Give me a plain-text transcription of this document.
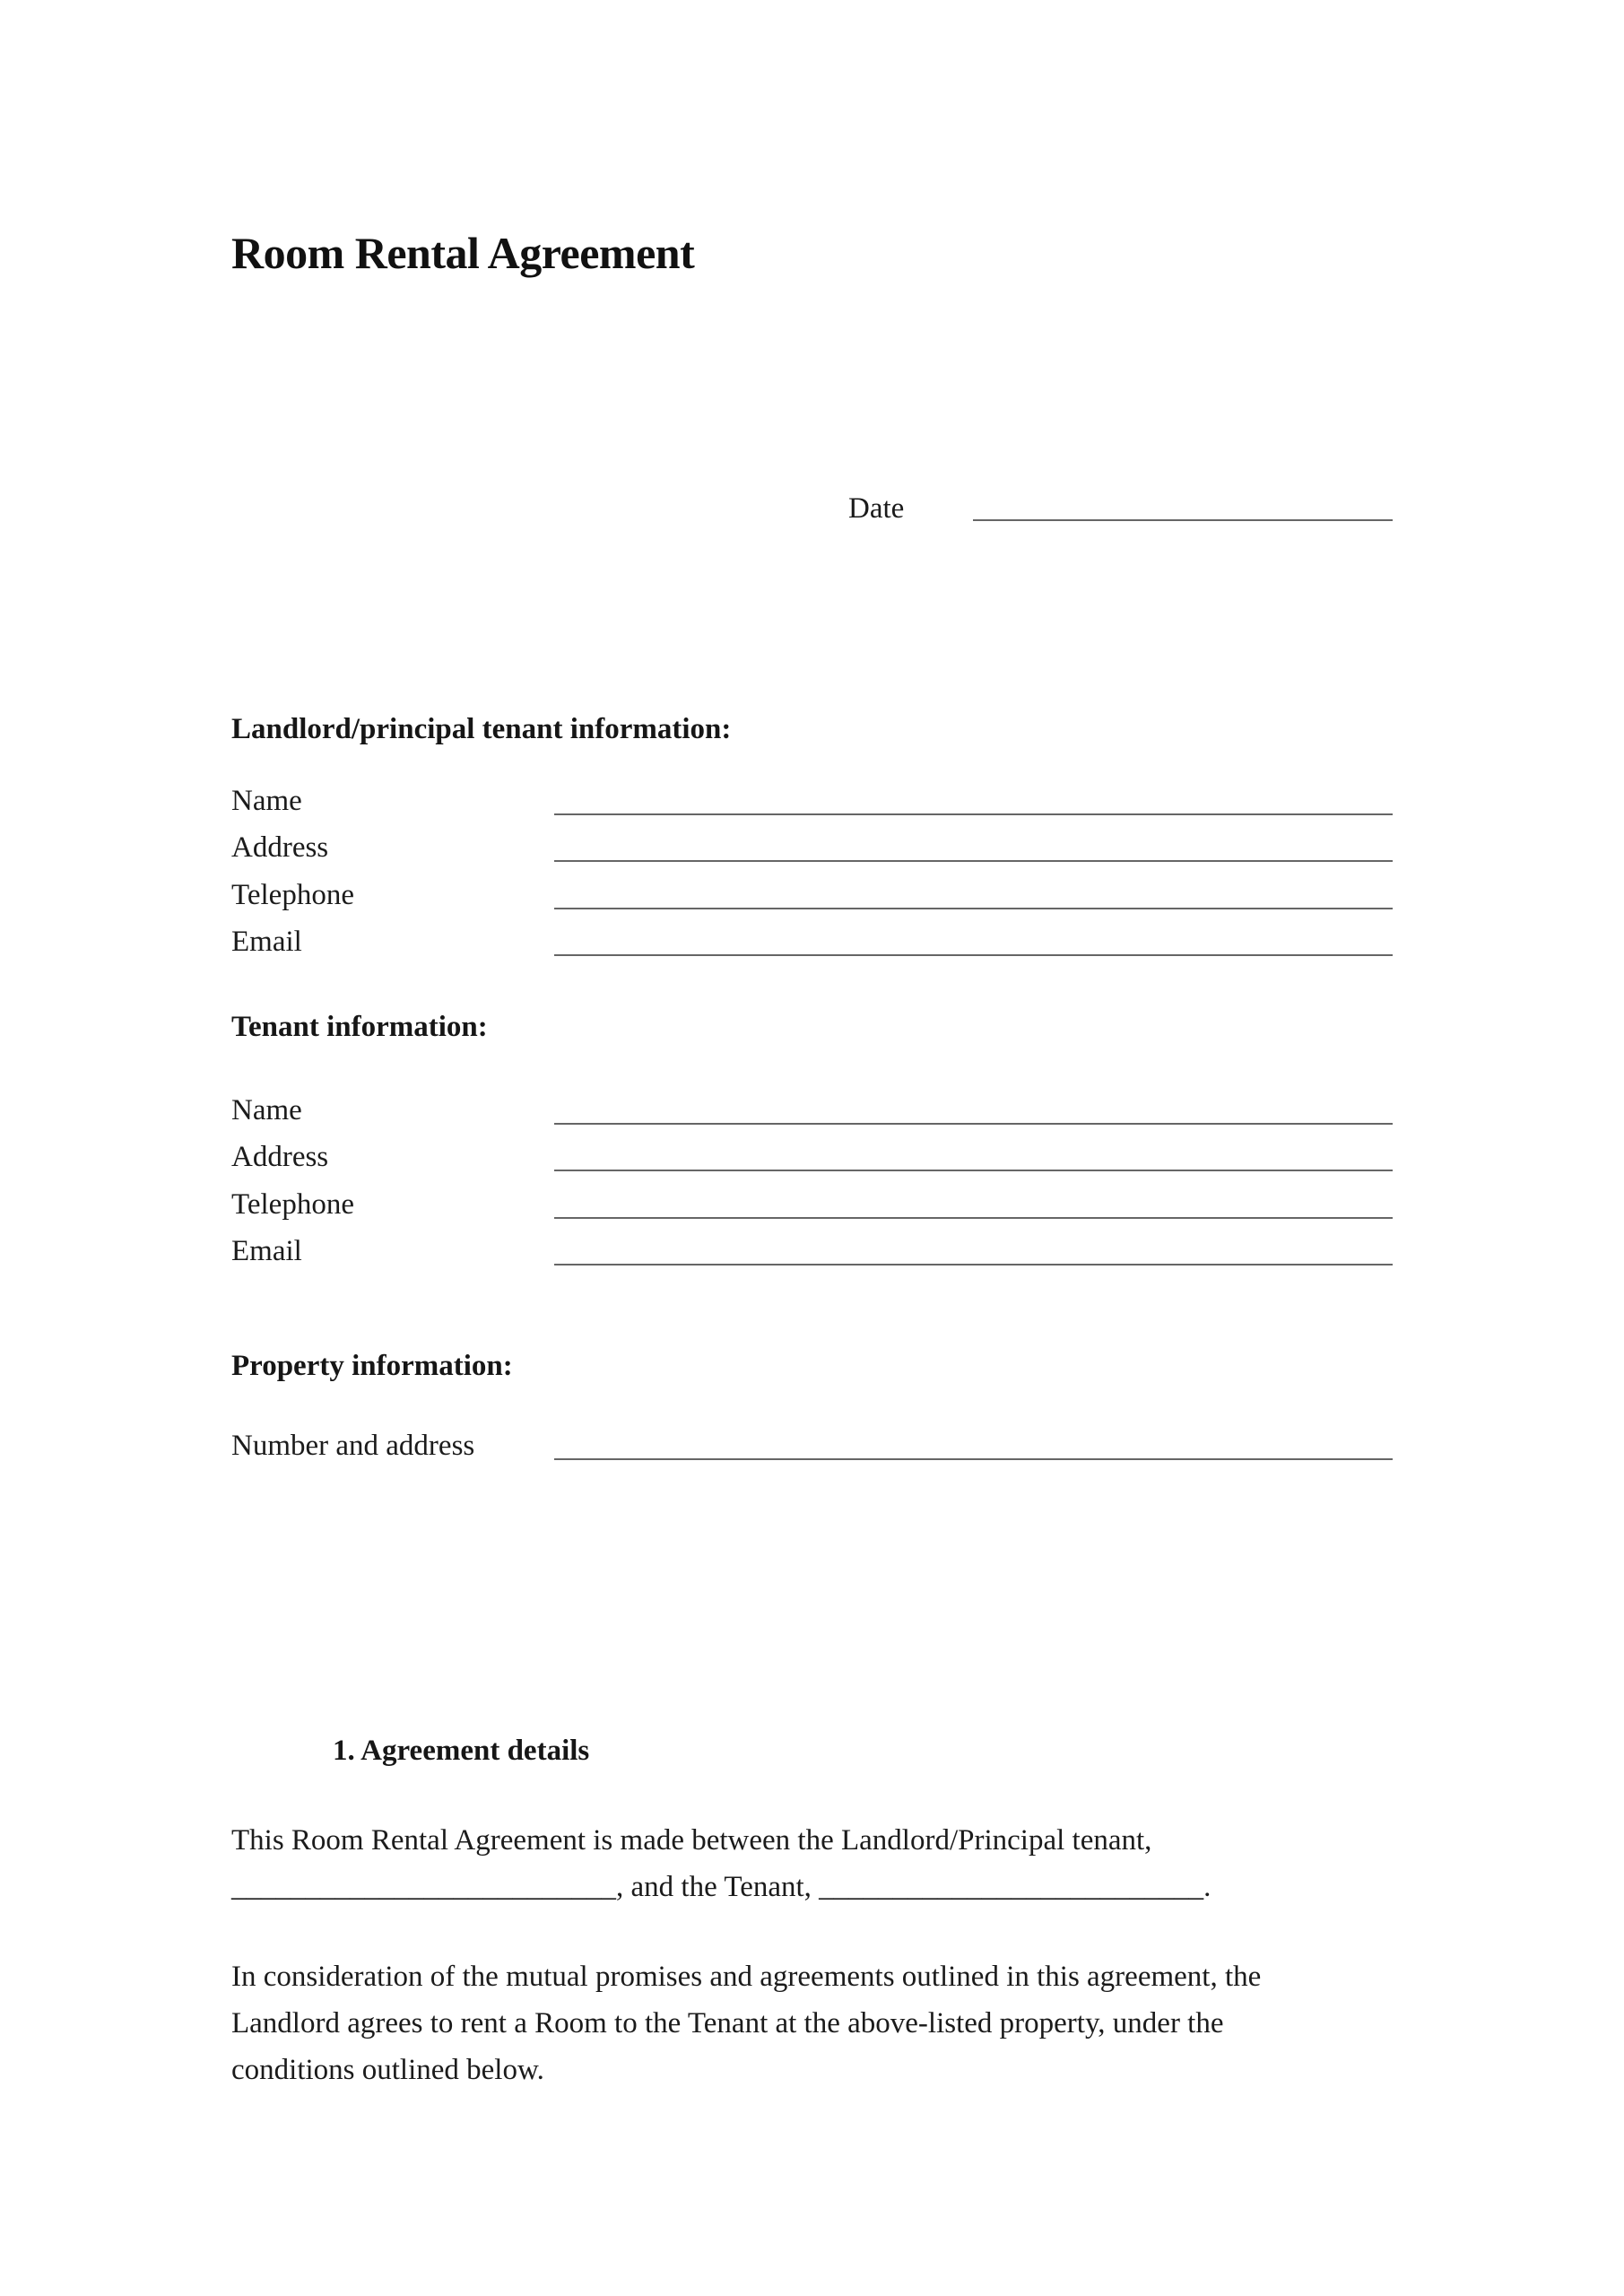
Room Rental Agreement
Date
Landlord/principal tenant information:
Name
Address
Telephone
Email
Tenant information:
Name
Address
Telephone
Email
Property information:
Number and address
1. Agreement details
This Room Rental Agreement is made between the Landlord/Principal tenant,
__________________________, and the Tenant, __________________________.
In consideration of the mutual promises and agreements outlined in this agreement, the
Landlord agrees to rent a Room to the Tenant at the above-listed property, under the
conditions outlined below.
